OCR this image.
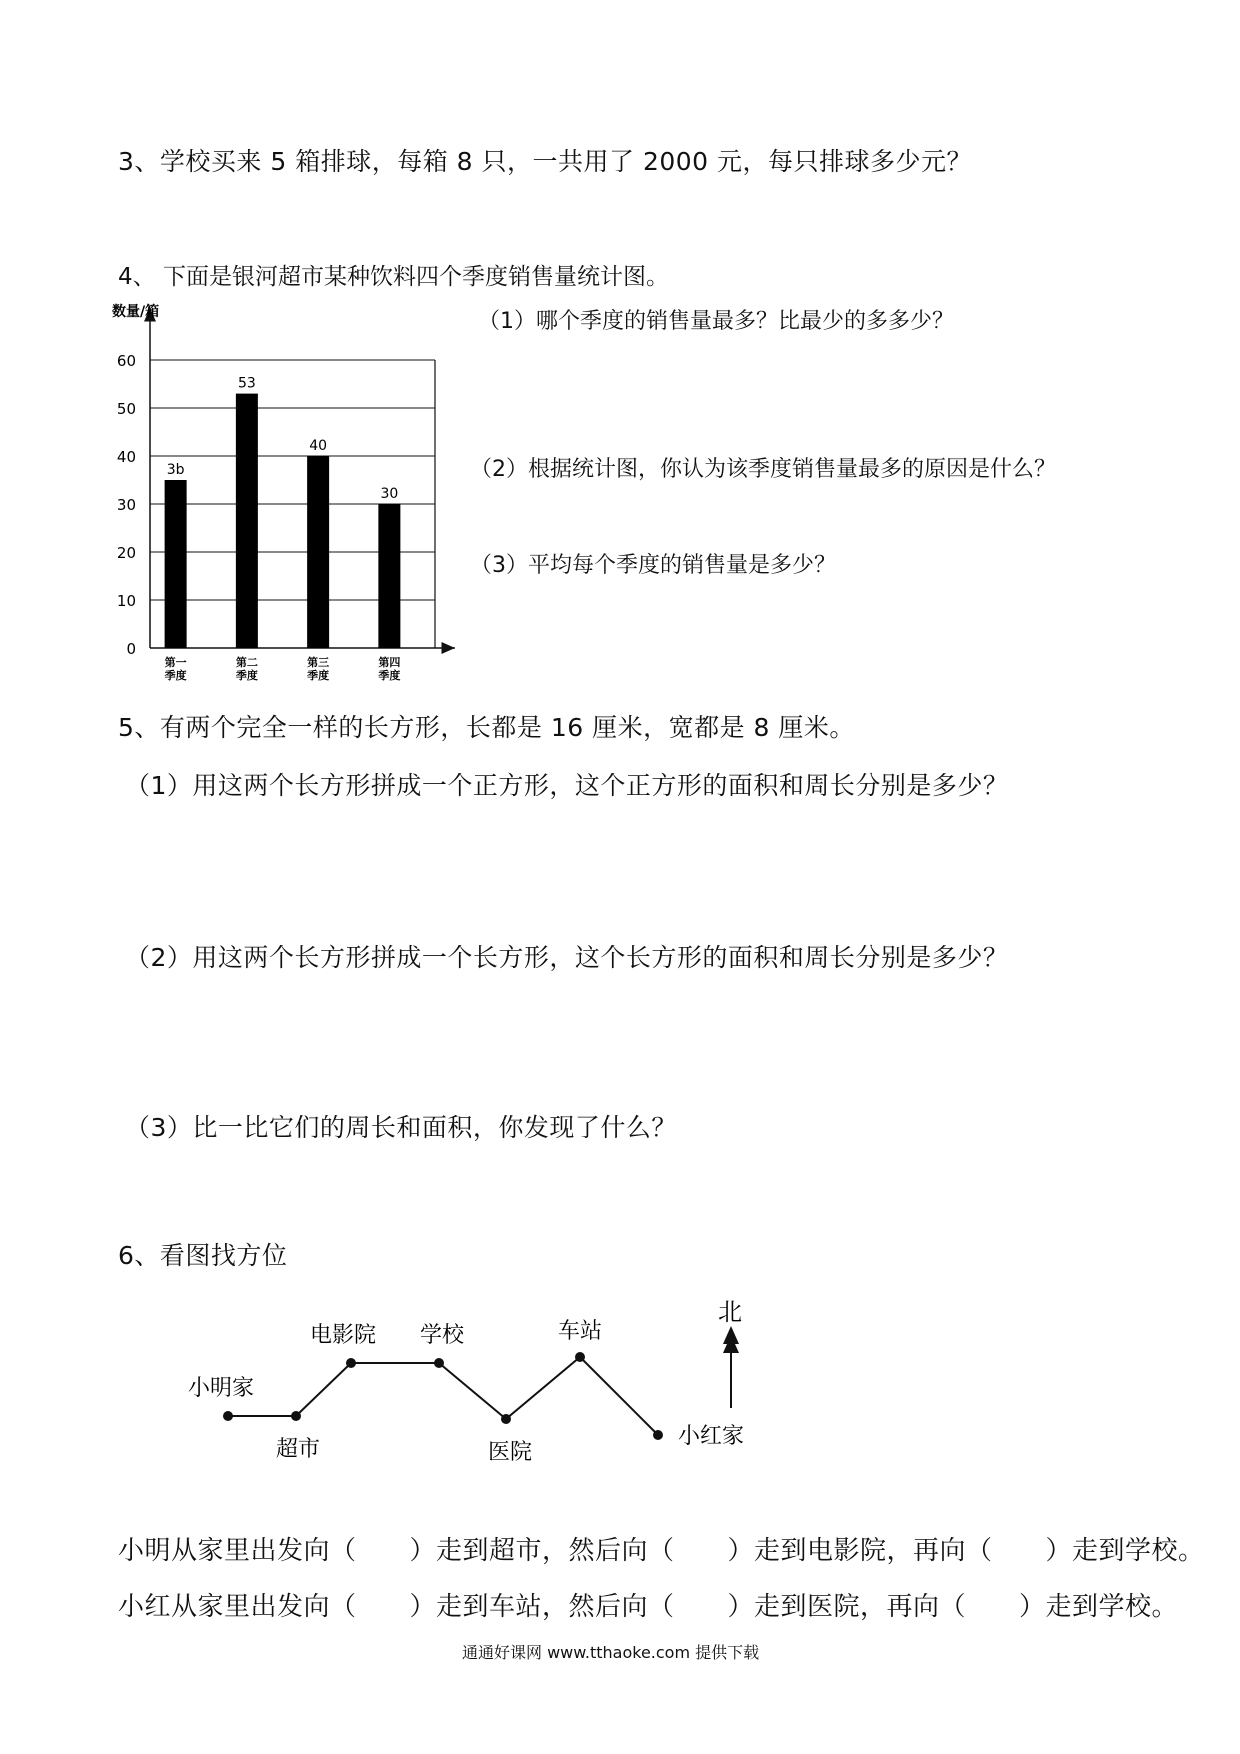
3、学校买来 5 箱排球，每箱 8 只，一共用了 2000 元，每只排球多少元？
4、 下面是银河超市某种饮料四个季度销售量统计图。
（1）哪个季度的销售量最多？比最少的多多少？
（2）根据统计图，你认为该季度销售量最多的原因是什么？
（3）平均每个季度的销售量是多少？
0
10
20
30
40
50
60
3b
第一
季度
53
第二
季度
40
第三
季度
30
第四
季度
数量/箱
5、有两个完全一样的长方形，长都是 16 厘米，宽都是 8 厘米。
（1）用这两个长方形拼成一个正方形，这个正方形的面积和周长分别是多少？
（2）用这两个长方形拼成一个长方形，这个长方形的面积和周长分别是多少？
（3）比一比它们的周长和面积，你发现了什么？
6、看图找方位
小明家
超市
电影院 学校
医院
车站
小红家
北
小明从家里出发向（　　）走到超市，然后向（　　）走到电影院，再向（　　）走到学校。
小红从家里出发向（　　）走到车站，然后向（　　）走到医院，再向（　　）走到学校。
通通好课网 www.tthaoke.com 提供下载
